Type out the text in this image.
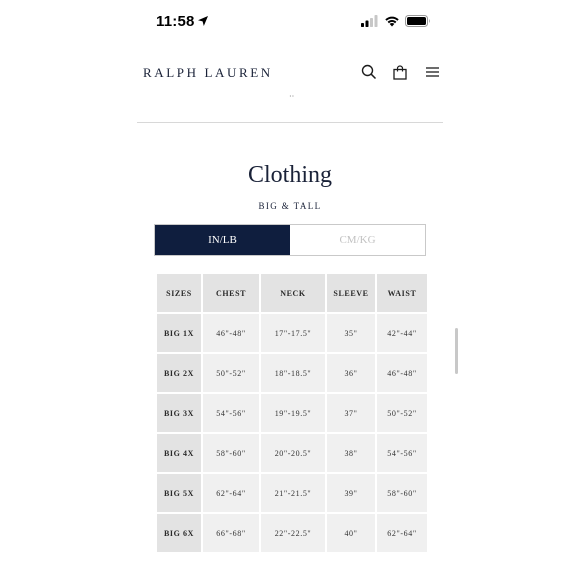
11:58
RALPH LAUREN
··
Clothing
BIG & TALL
IN/LB	CM/KG
SIZES	CHEST	NECK	SLEEVE	WAIST
BIG 1X	46"-48"	17"-17.5"	35"	42"-44"
BIG 2X	50"-52"	18"-18.5"	36"	46"-48"
BIG 3X	54"-56"	19"-19.5"	37"	50"-52"
BIG 4X	58"-60"	20"-20.5"	38"	54"-56"
BIG 5X	62"-64"	21"-21.5"	39"	58"-60"
BIG 6X	66"-68"	22"-22.5"	40"	62"-64"
